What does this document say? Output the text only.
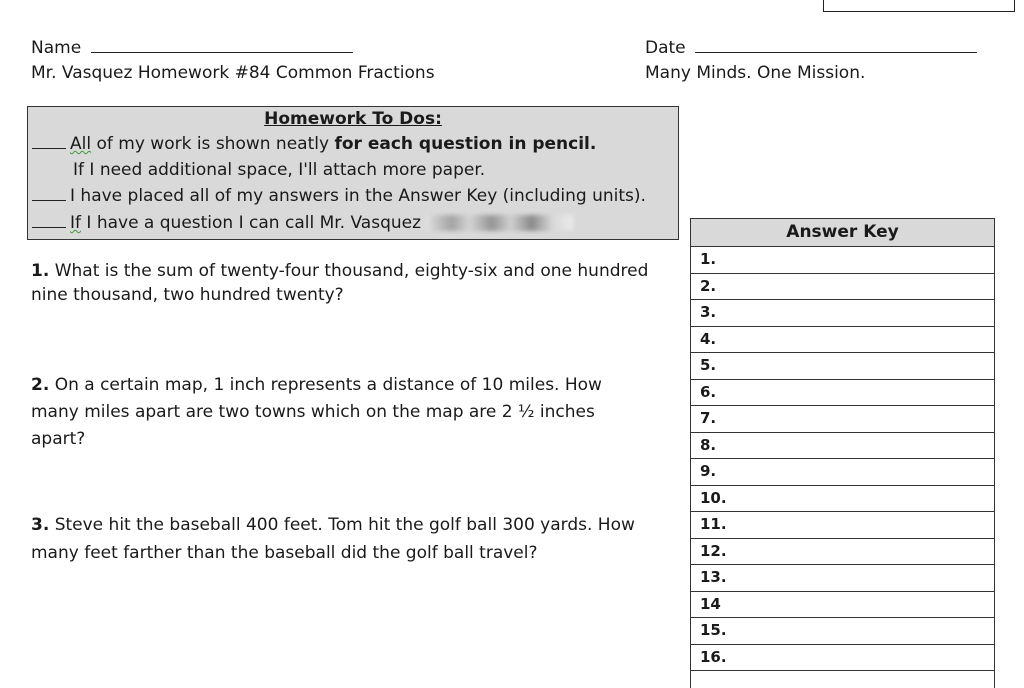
Name	Date
Mr. Vasquez Homework #84 Common Fractions	Many Minds. One Mission.
Homework To Dos:
All of my work is shown neatly for each question in pencil.
If I need additional space, I'll attach more paper.
I have placed all of my answers in the Answer Key (including units).
If I have a question I can call Mr. Vasquez
1. What is the sum of twenty-four thousand, eighty-six and one hundred
nine thousand, two hundred twenty?
2. On a certain map, 1 inch represents a distance of 10 miles. How
many miles apart are two towns which on the map are 2 ½ inches
apart?
3. Steve hit the baseball 400 feet. Tom hit the golf ball 300 yards. How
many feet farther than the baseball did the golf ball travel?
Answer Key
1.
2.
3.
4.
5.
6.
7.
8.
9.
10.
11.
12.
13.
14
15.
16.
